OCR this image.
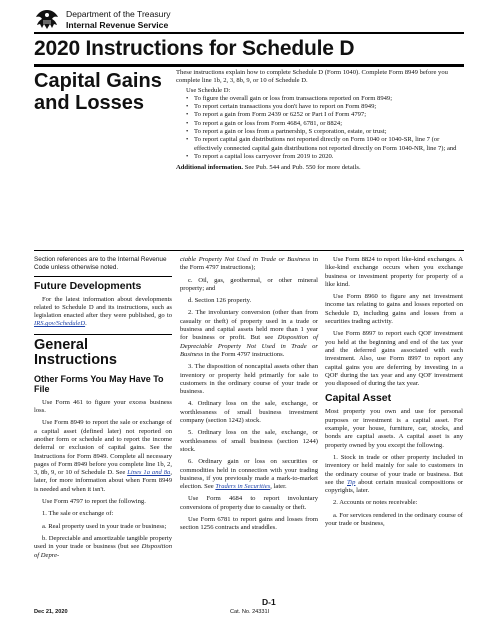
Department of the Treasury
Internal Revenue Service
2020 Instructions for Schedule D
Capital Gains and Losses

These instructions explain how to complete Schedule D (Form 1040). Complete Form 8949 before you complete line 1b, 2, 3, 8b, 9, or 10 of Schedule D.

Use Schedule D:

• To figure the overall gain or loss from transactions reported on Form 8949;
• To report certain transactions you don't have to report on Form 8949;
• To report a gain from Form 2439 or 6252 or Part I of Form 4797;
• To report a gain or loss from Form 4684, 6781, or 8824;
• To report a gain or loss from a partnership, S corporation, estate, or trust;
• To report capital gain distributions not reported directly on Form 1040 or 1040-SR, line 7 (or effectively connected capital gain distributions not reported directly on Form 1040-NR, line 7); and
• To report a capital loss carryover from 2019 to 2020.

Additional information. See Pub. 544 and Pub. 550 for more details.

Section references are to the Internal Revenue Code unless otherwise noted.

Future Developments

For the latest information about developments related to Schedule D and its instructions, such as legislation enacted after they were published, go to IRS.gov/ScheduleD.

General Instructions
Other Forms You May Have To File

Use Form 461 to figure your excess business loss.

Use Form 8949 to report the sale or exchange of a capital asset (defined later) not reported on another form or schedule and to report the income deferral or exclusion of capital gains. See the Instructions for Form 8949. Complete all necessary pages of Form 8949 before you complete line 1b, 2, 3, 8b, 9, or 10 of Schedule D. See Lines 1a and 8a, later, for more information about when Form 8949 is needed and when it isn't.

Use Form 4797 to report the following.

1. The sale or exchange of:

a. Real property used in your trade or business;

b. Depreciable and amortizable tangible property used in your trade or business (but see Disposition of Depre-

ciable Property Not Used in Trade or Business in the Form 4797 instructions);

c. Oil, gas, geothermal, or other mineral property; and

d. Section 126 property.

2. The involuntary conversion (other than from casualty or theft) of property used in a trade or business and capital assets held more than 1 year for business or profit. But see Disposition of Depreciable Property Not Used in Trade or Business in the Form 4797 instructions.

3. The disposition of noncapital assets other than inventory or property held primarily for sale to customers in the ordinary course of your trade or business.

4. Ordinary loss on the sale, exchange, or worthlessness of small business investment company (section 1242) stock.

5. Ordinary loss on the sale, exchange, or worthlessness of small business (section 1244) stock.

6. Ordinary gain or loss on securities or commodities held in connection with your trading business, if you previously made a mark-to-market election. See Traders in Securities, later.

Use Form 4684 to report involuntary conversions of property due to casualty or theft.

Use Form 6781 to report gains and losses from section 1256 contracts and straddles.

Use Form 8824 to report like-kind exchanges. A like-kind exchange occurs when you exchange business or investment property for property of a like kind.

Use Form 8960 to figure any net investment income tax relating to gains and losses reported on Schedule D, including gains and losses from a securities trading activity.

Use Form 8997 to report each QOF investment you held at the beginning and end of the tax year and the deferred gains associated with each investment. Also, use Form 8997 to report any capital gains you are deferring by investing in a QOF during the tax year and any QOF investment you disposed of during the tax year.

Capital Asset

Most property you own and use for personal purposes or investment is a capital asset. For example, your house, furniture, car, stocks, and bonds are capital assets. A capital asset is any property owned by you except the following.

1. Stock in trade or other property included in inventory or held mainly for sale to customers in the ordinary course of your trade or business. But see the Tip about certain musical compositions or copyrights, later.

2. Accounts or notes receivable:

a. For services rendered in the ordinary course of your trade or business,

D-1
Dec 21, 2020	Cat. No. 24331I
